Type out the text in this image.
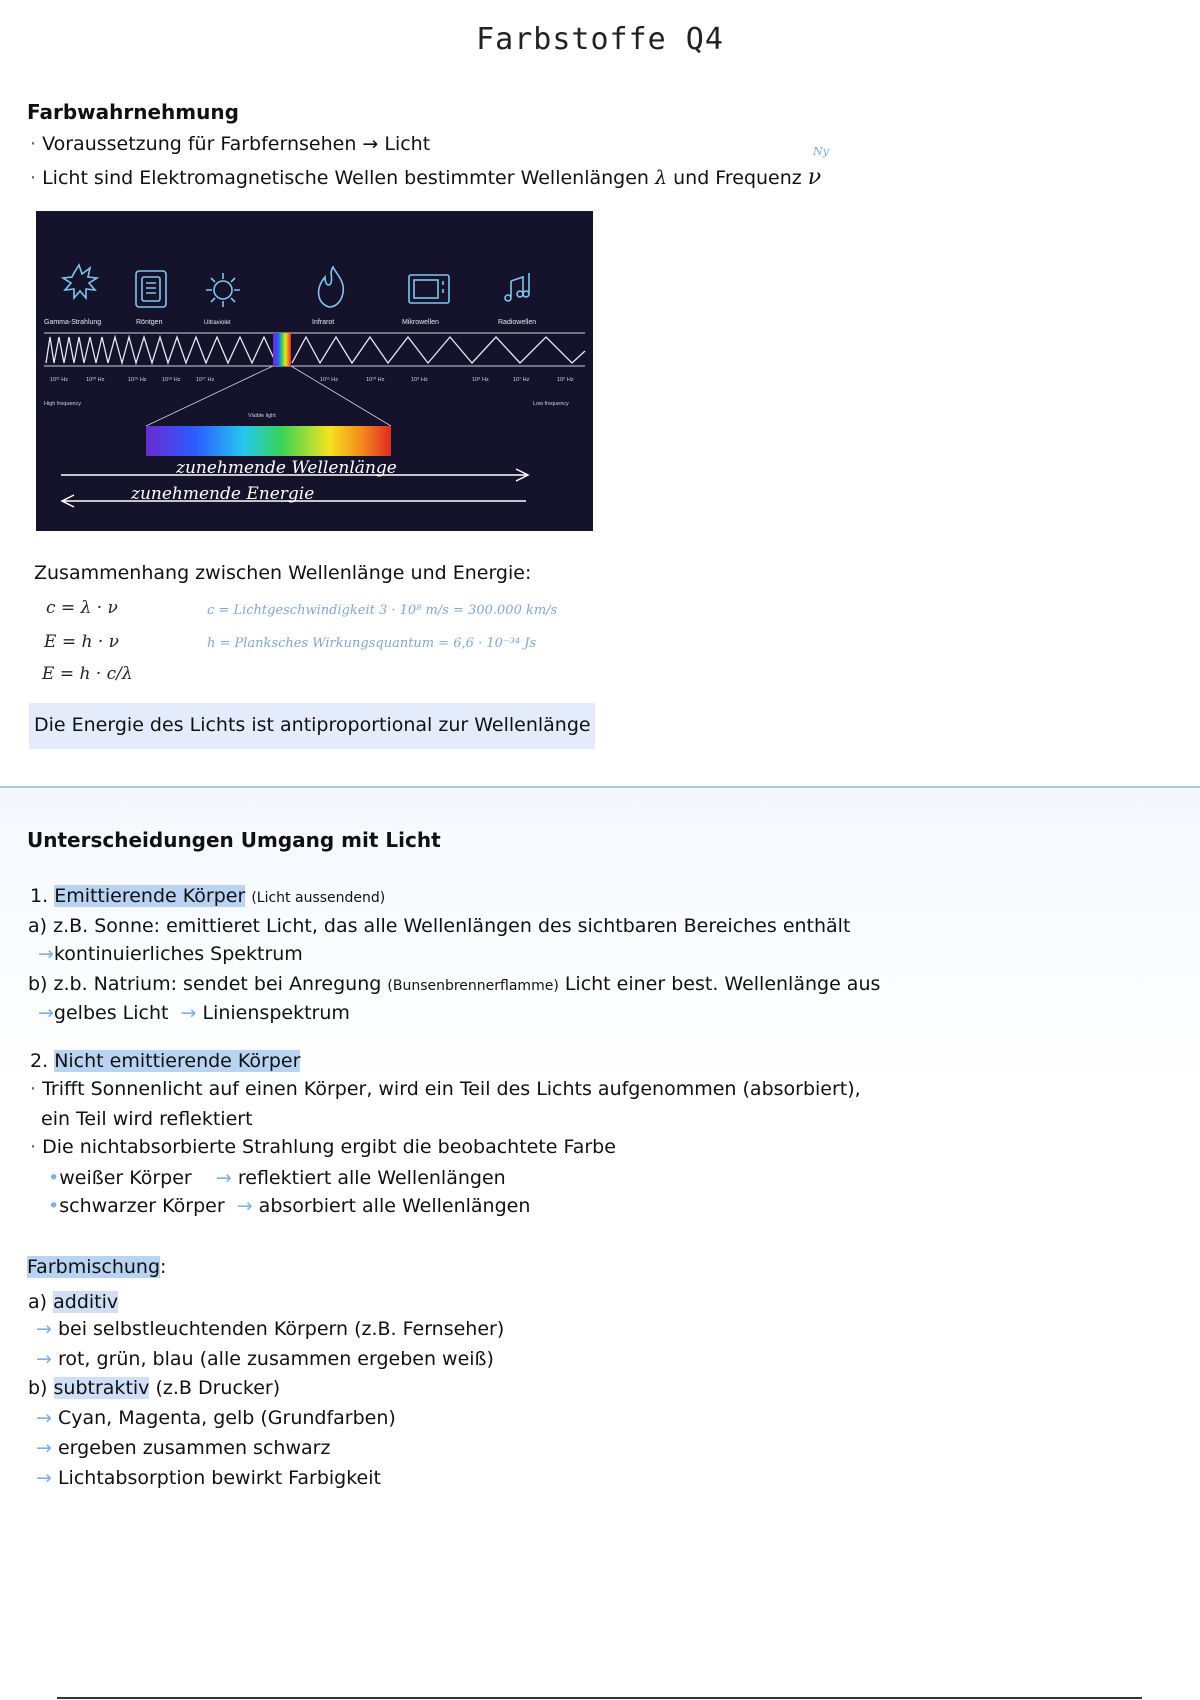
Farbstoffe Q4
Farbwahrnehmung
· Voraussetzung für Farbfernsehen → Licht
· Licht sind Elektromagnetische Wellen bestimmter Wellenlängen λ und Frequenz ν
Ny
Gamma-Strahlung	Röntgen	Ultraviolet	Infrarot	Mikrowellen	Radiowellen
10²¹ Hz	10²⁰ Hz	10¹⁹ Hz	10¹⁸ Hz	10¹⁷ Hz	10¹¹ Hz	10¹⁰ Hz	10⁹ Hz	10⁸ Hz	10⁷ Hz	10⁶ Hz
High frequency	Low frequency
Visible light
zunehmende Wellenlänge
zunehmende Energie
Zusammenhang zwischen Wellenlänge und Energie:
c = λ · ν
E = h · ν
E = h · c/λ
c = Lichtgeschwindigkeit 3 · 10⁸ m/s = 300.000 km/s
h = Planksches Wirkungsquantum = 6,6 · 10⁻³⁴ Js
Die Energie des Lichts ist antiproportional zur Wellenlänge
Unterscheidungen Umgang mit Licht
1. Emittierende Körper (Licht aussendend)
a) z.B. Sonne: emittieret Licht, das alle Wellenlängen des sichtbaren Bereiches enthält
→kontinuierliches Spektrum
b) z.b. Natrium: sendet bei Anregung (Bunsenbrennerflamme) Licht einer best. Wellenlänge aus
→gelbes Licht  → Linienspektrum
2. Nicht emittierende Körper
· Trifft Sonnenlicht auf einen Körper, wird ein Teil des Lichts aufgenommen (absorbiert),
ein Teil wird reflektiert
· Die nichtabsorbierte Strahlung ergibt die beobachtete Farbe
•weißer Körper    → reflektiert alle Wellenlängen
•schwarzer Körper  → absorbiert alle Wellenlängen
Farbmischung:
a) additiv
→ bei selbstleuchtenden Körpern (z.B. Fernseher)
→ rot, grün, blau (alle zusammen ergeben weiß)
b) subtraktiv (z.B Drucker)
→ Cyan, Magenta, gelb (Grundfarben)
→ ergeben zusammen schwarz
→ Lichtabsorption bewirkt Farbigkeit
